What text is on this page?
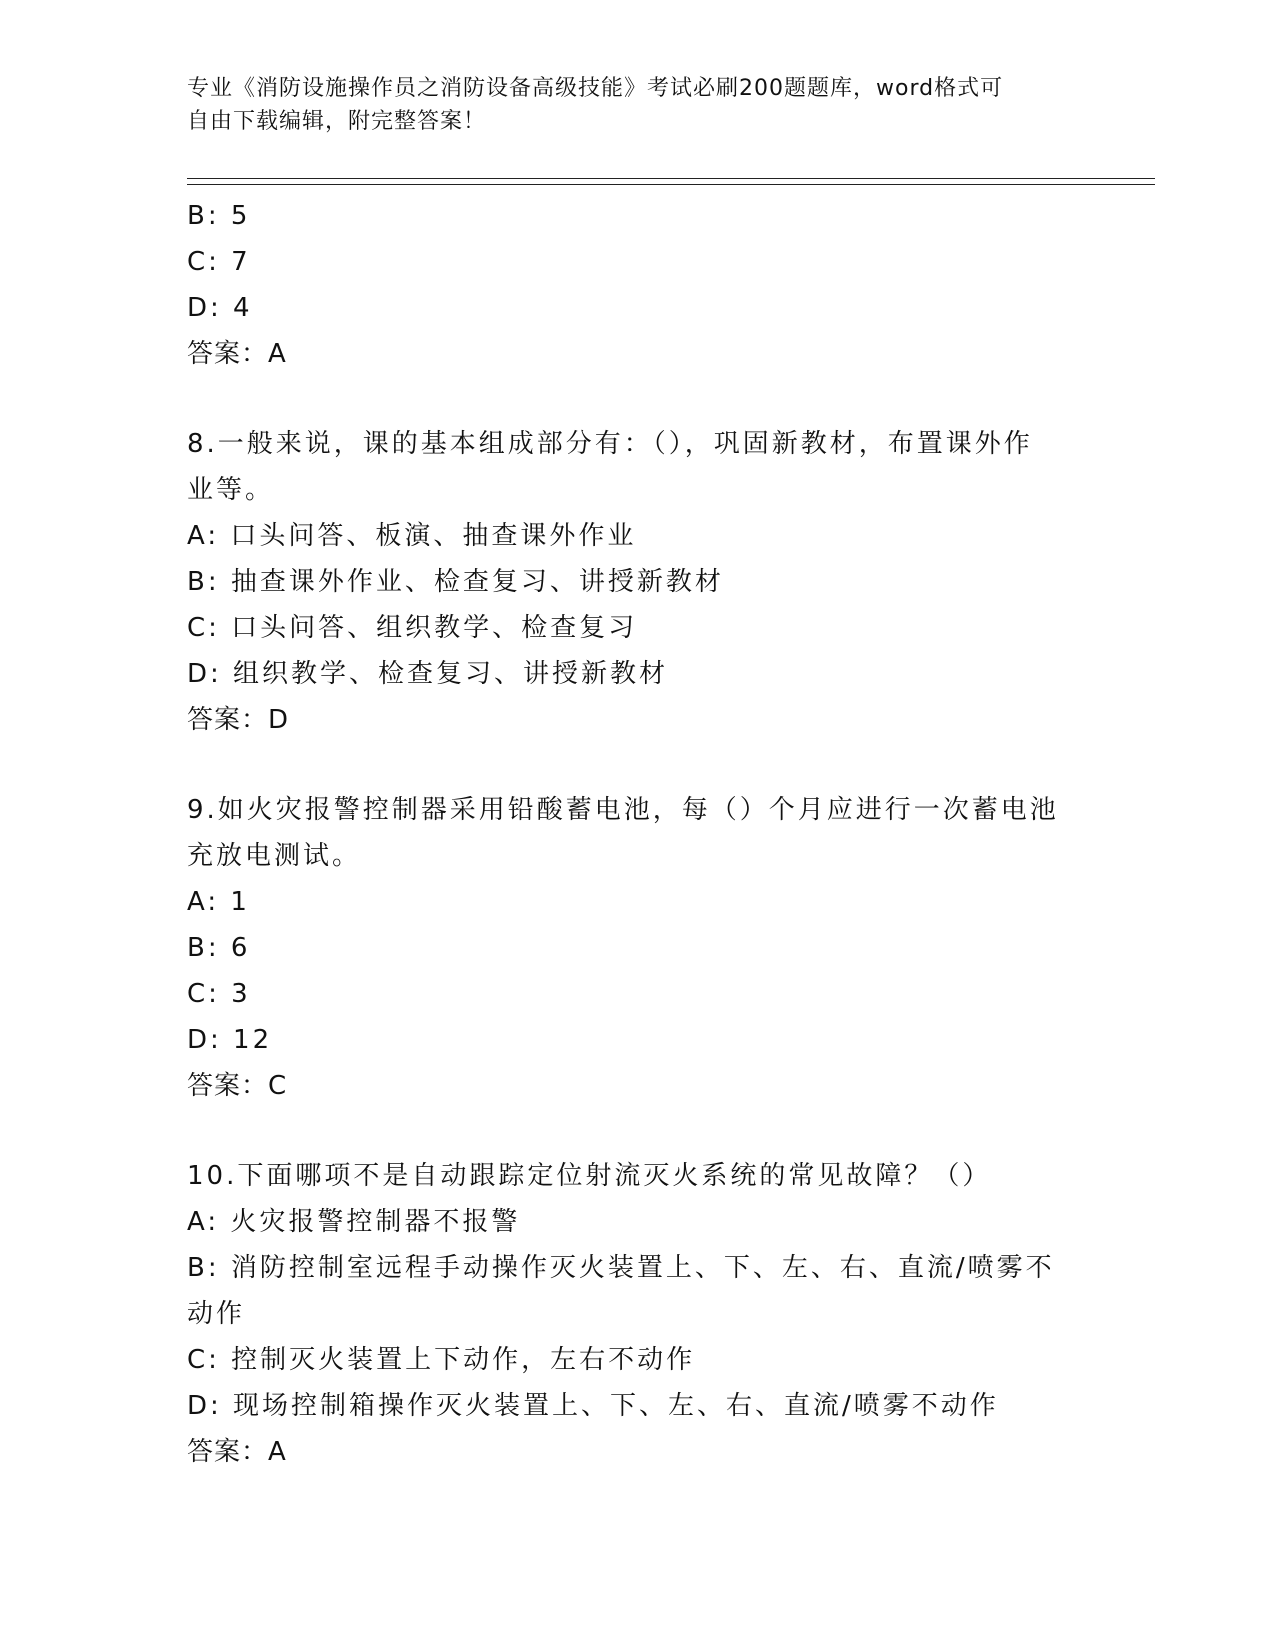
专业《消防设施操作员之消防设备高级技能》考试必刷200题题库，word格式可
自由下载编辑，附完整答案！
B: 5
C: 7
D: 4
答案：A
8.一般来说，课的基本组成部分有：（），巩固新教材，布置课外作
业等。
A: 口头问答、板演、抽查课外作业
B: 抽查课外作业、检查复习、讲授新教材
C: 口头问答、组织教学、检查复习
D: 组织教学、检查复习、讲授新教材
答案：D
9.如火灾报警控制器采用铅酸蓄电池，每（）个月应进行一次蓄电池
充放电测试。
A: 1
B: 6
C: 3
D: 12
答案：C
10.下面哪项不是自动跟踪定位射流灭火系统的常见故障？（）
A: 火灾报警控制器不报警
B: 消防控制室远程手动操作灭火装置上、下、左、右、直流/喷雾不
动作
C: 控制灭火装置上下动作，左右不动作
D: 现场控制箱操作灭火装置上、下、左、右、直流/喷雾不动作
答案：A
